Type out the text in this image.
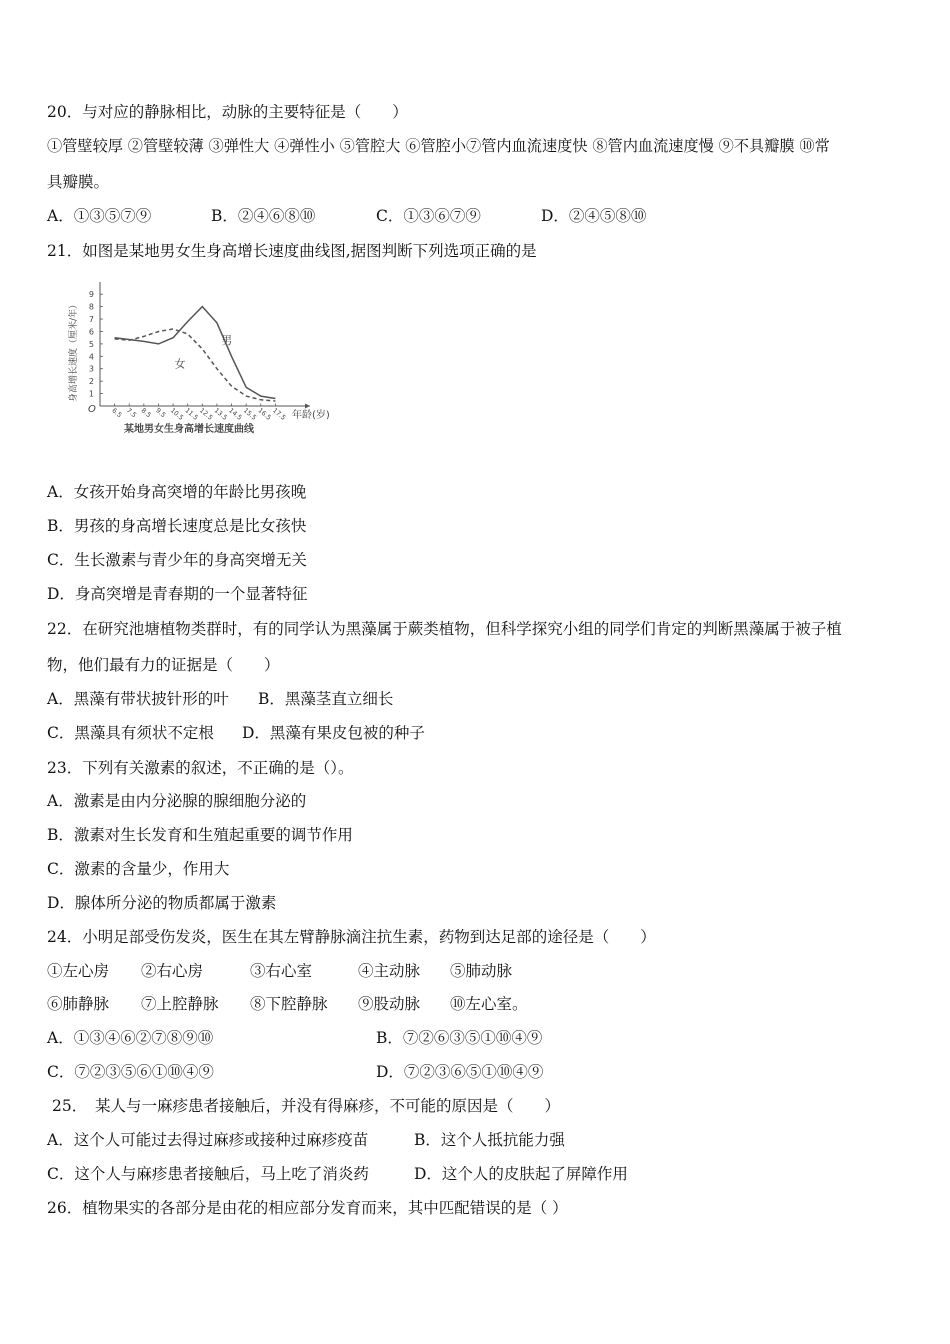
20．与对应的静脉相比，动脉的主要特征是（　　）
①管壁较厚 ②管壁较薄 ③弹性大 ④弹性小 ⑤管腔大 ⑥管腔小⑦管内血流速度快 ⑧管内血流速度慢 ⑨不具瓣膜 ⑩常
具瓣膜。
A．①③⑤⑦⑨	B．②④⑥⑧⑩	C．①③⑥⑦⑨	D．②④⑤⑧⑩
21．如图是某地男女生身高增长速度曲线图,据图判断下列选项正确的是
1
2
3
4
5
6
7
8
9
6.5 7.5 8.5 9.5 10.5
11.5
12.5
13.5
14.5
15.5
16.5
17.5
男
女
身高增长速度（厘米/年）
年龄(岁)
O
某地男女生身高增长速度曲线
A．女孩开始身高突增的年龄比男孩晚
B．男孩的身高增长速度总是比女孩快
C．生长激素与青少年的身高突增无关
D．身高突增是青春期的一个显著特征
22．在研究池塘植物类群时，有的同学认为黑藻属于蕨类植物，但科学探究小组的同学们肯定的判断黑藻属于被子植
物，他们最有力的证据是（　　）
A．黑藻有带状披针形的叶 B．黑藻茎直立细长
C．黑藻具有须状不定根 D．黑藻有果皮包被的种子
23．下列有关激素的叙述，不正确的是（）。
A．激素是由内分泌腺的腺细胞分泌的
B．激素对生长发育和生殖起重要的调节作用
C．激素的含量少，作用大
D．腺体所分泌的物质都属于激素
24．小明足部受伤发炎，医生在其左臂静脉滴注抗生素，药物到达足部的途径是（　　）
①左心房 ②右心房	③右心室	④主动脉 ⑤肺动脉
⑥肺静脉 ⑦上腔静脉 ⑧下腔静脉 ⑨股动脉 ⑩左心室。
A．①③④⑥②⑦⑧⑨⑩	B．⑦②⑥③⑤①⑩④⑨
C．⑦②③⑤⑥①⑩④⑨	D．⑦②③⑥⑤①⑩④⑨
25．　某人与一麻疹患者接触后，并没有得麻疹，不可能的原因是（　　）
A．这个人可能过去得过麻疹或接种过麻疹疫苗	B．这个人抵抗能力强
C．这个人与麻疹患者接触后，马上吃了消炎药	D．这个人的皮肤起了屏障作用
26．植物果实的各部分是由花的相应部分发育而来，其中匹配错误的是（ ）
